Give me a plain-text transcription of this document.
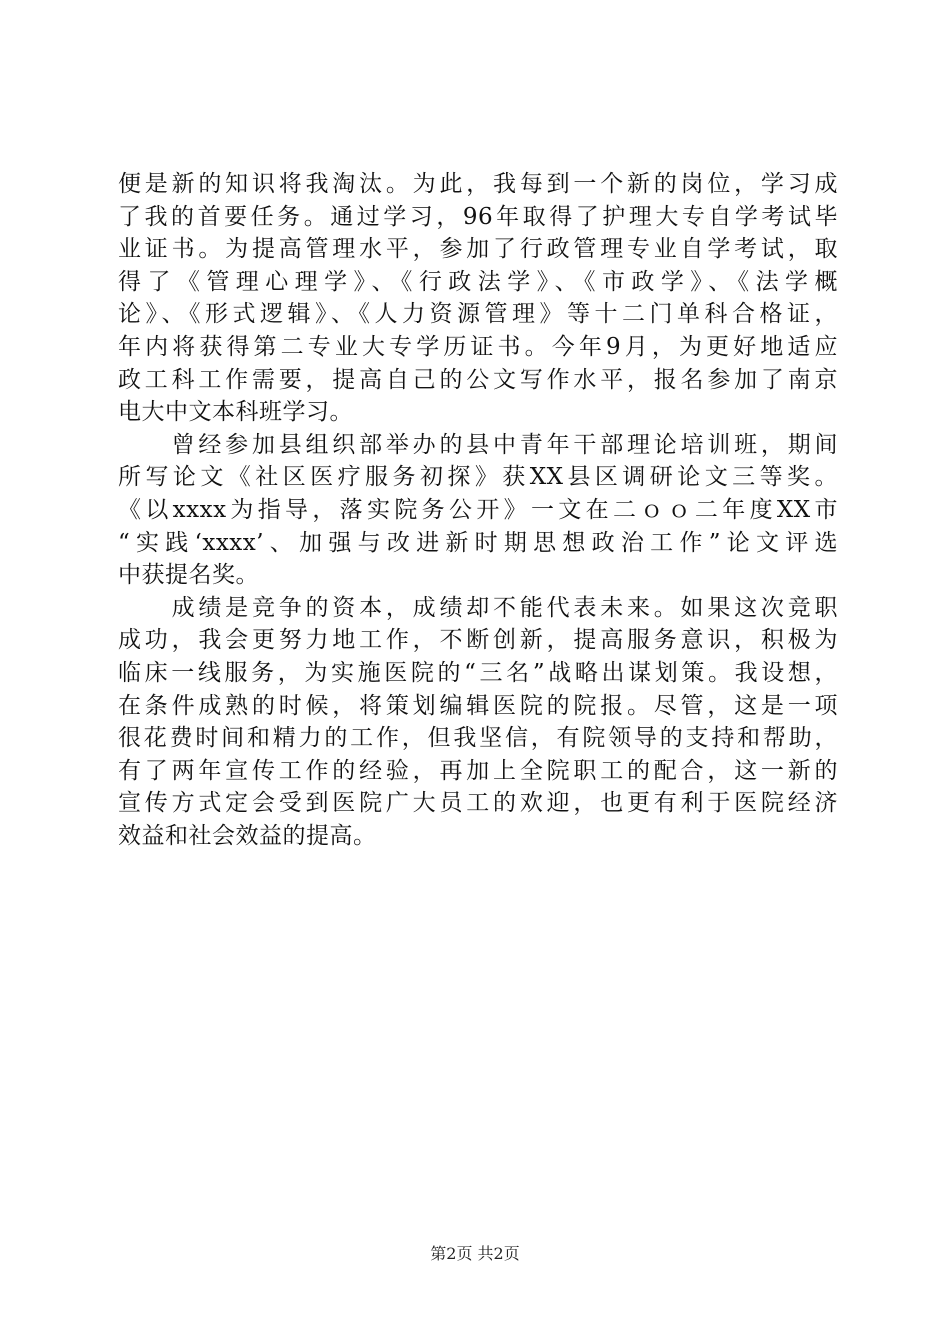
便是新的知识将我淘汰。为此，我每到一个新的岗位，学习成
了我的首要任务。通过学习，96年取得了护理大专自学考试毕
业证书。为提高管理水平，参加了行政管理专业自学考试，取
得了《管理心理学》、《行政法学》、《市政学》、《法学概
论》、《形式逻辑》、《人力资源管理》等十二门单科合格证，
年内将获得第二专业大专学历证书。今年9月，为更好地适应
政工科工作需要，提高自己的公文写作水平，报名参加了南京
电大中文本科班学习。
　　曾经参加县组织部举办的县中青年干部理论培训班，期间
所写论文《社区医疗服务初探》获XX县区调研论文三等奖。
《以xxxx为指导，落实院务公开》一文在二ｏｏ二年度XX市
“实践‘xxxx’、加强与改进新时期思想政治工作”论文评选
中获提名奖。
　　成绩是竞争的资本，成绩却不能代表未来。如果这次竞职
成功，我会更努力地工作，不断创新，提高服务意识，积极为
临床一线服务，为实施医院的“三名”战略出谋划策。我设想，
在条件成熟的时候，将策划编辑医院的院报。尽管，这是一项
很花费时间和精力的工作，但我坚信，有院领导的支持和帮助，
有了两年宣传工作的经验，再加上全院职工的配合，这一新的
宣传方式定会受到医院广大员工的欢迎，也更有利于医院经济
效益和社会效益的提高。
第2页 共2页
